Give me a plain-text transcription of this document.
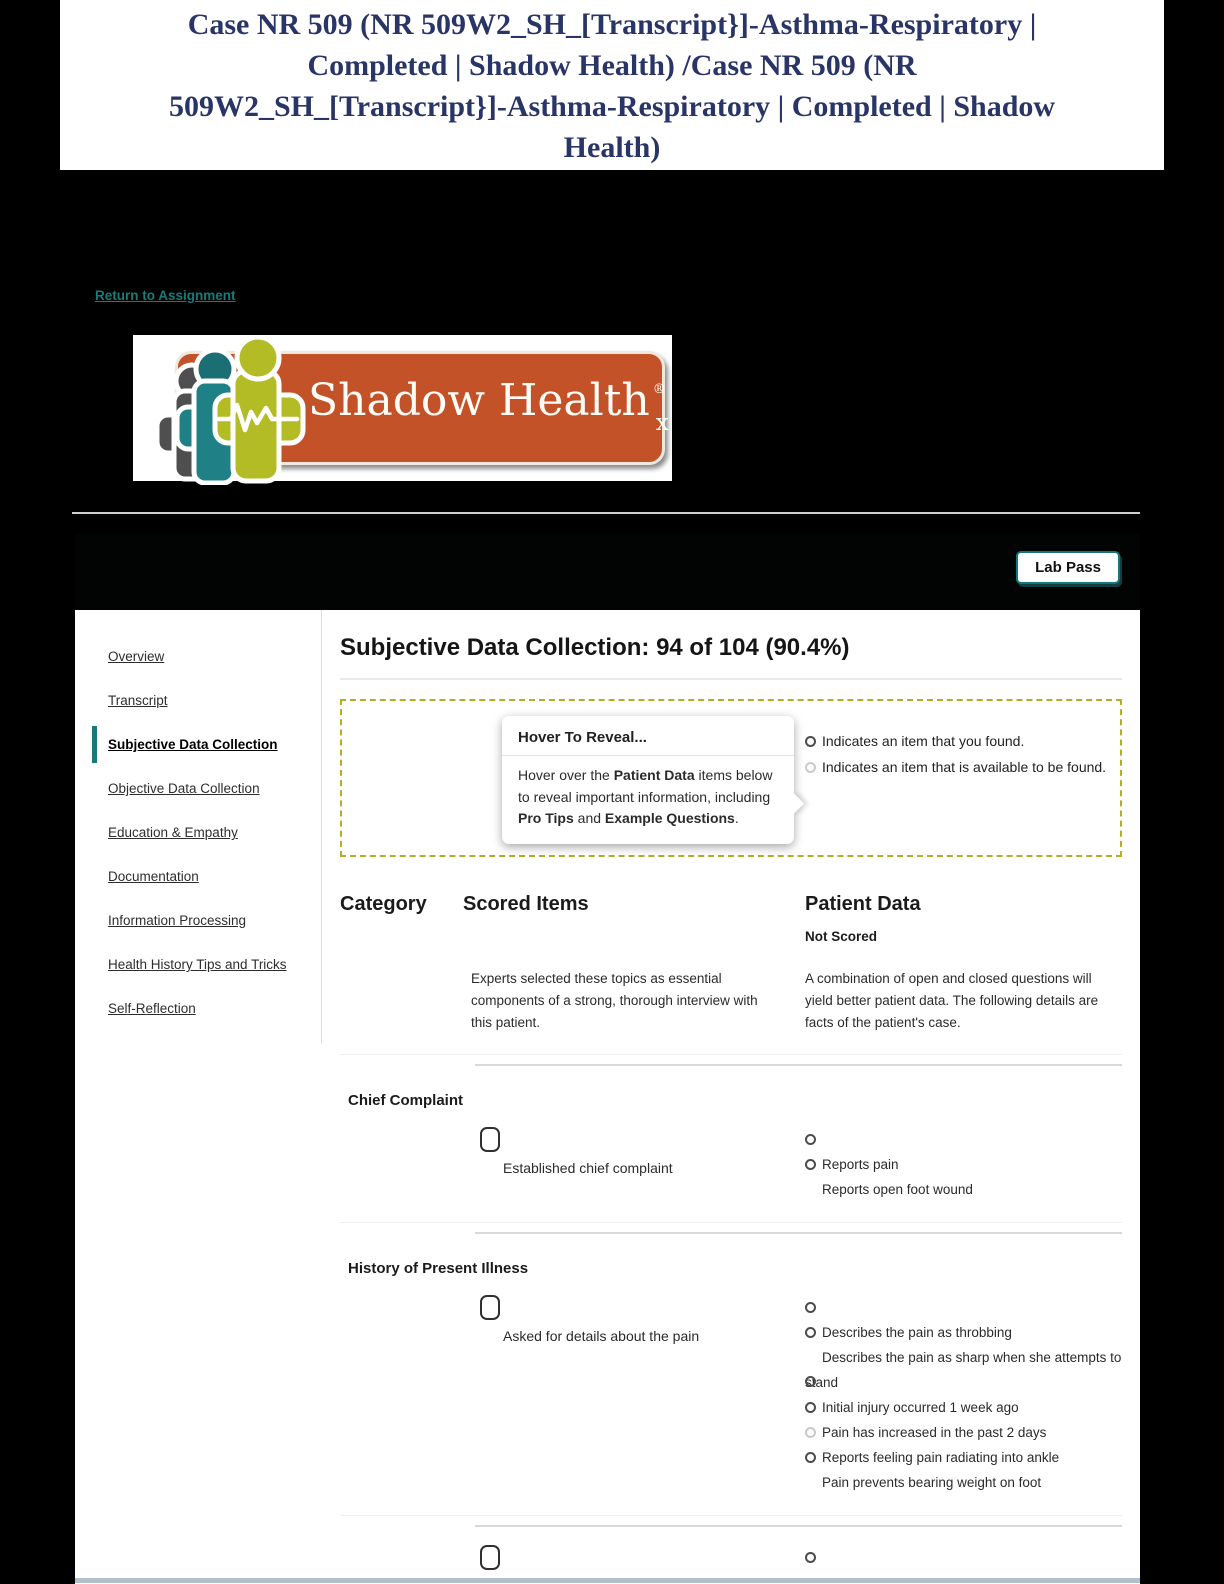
Case NR 509 (NR 509W2_SH_[Transcript}]-Asthma-Respiratory |
Completed | Shadow Health) /Case NR 509 (NR
509W2_SH_[Transcript}]-Asthma-Respiratory | Completed | Shadow
Health)
Return to Assignment
Shadow Health ®$_x$
Lab Pass
Overview
Transcript
Subjective Data Collection
Objective Data Collection
Education & Empathy
Documentation
Information Processing
Health History Tips and Tricks
Self-Reflection
Subjective Data Collection: 94 of 104 (90.4%)
Hover To Reveal...
Hover over the Patient Data items below to reveal important information, including Pro Tips and Example Questions.
Indicates an item that you found.
Indicates an item that is available to be found.
Category	Scored Items	Patient Data
Not Scored
Experts selected these topics as essential components of a strong, thorough interview with this patient.
A combination of open and closed questions will yield better patient data. The following details are facts of the patient's case.
Chief Complaint
Established chief complaint	Reports pain
Reports open foot wound
History of Present Illness
Asked for details about the pain	Describes the pain as throbbing
Describes the pain as sharp when she attempts to stand
Initial injury occurred 1 week ago
Pain has increased in the past 2 days
Reports feeling pain radiating into ankle
Pain prevents bearing weight on foot
